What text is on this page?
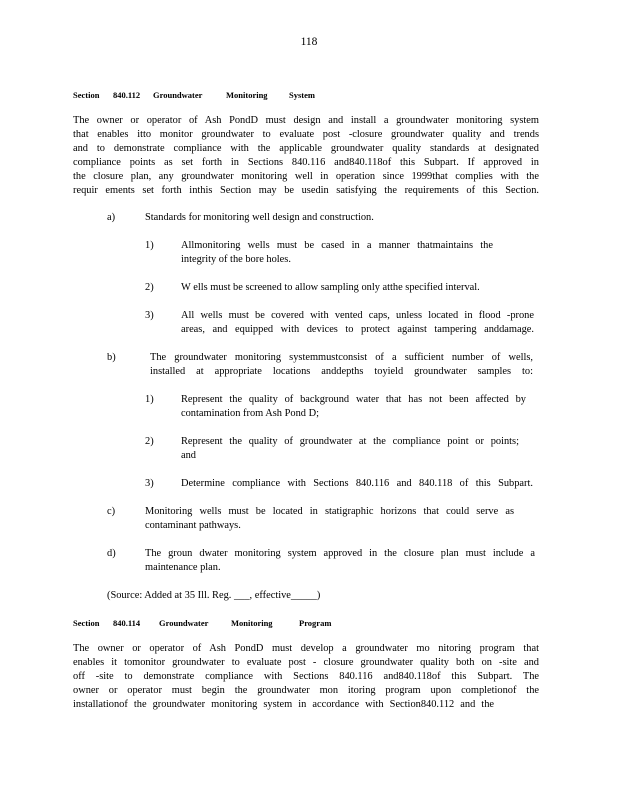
118
Section 840.112 Groundwater	Monitoring	System
The owner or operator of Ash PondD must design and install a groundwater monitoring system
that enables itto monitor groundwater to evaluate post -closure groundwater quality and trends
and to demonstrate compliance with the applicable groundwater quality standards at designated
compliance points as set forth in Sections 840.116 and840.118of this Subpart. If approved in
the closure plan, any groundwater monitoring well in operation since 1999that complies with the
requir ements set forth inthis Section may be usedin satisfying the requirements of this Section.
a)	Standards for monitoring well design and construction.
1)	Allmonitoring wells must be cased in a manner thatmaintains the
integrity of the bore holes.
2)	W ells must be screened to allow sampling only atthe specified interval.
3)	All wells must be covered with vented caps, unless located in flood -prone
areas, and equipped with devices to protect against tampering anddamage.
b)	The groundwater monitoring systemmustconsist of a sufficient number of wells,
installed at appropriate locations anddepths toyield groundwater samples to:
1)	Represent the quality of background water that has not been affected by
contamination from Ash Pond D;
2)	Represent the quality of groundwater at the compliance point or points;
and
3)	Determine compliance with Sections 840.116 and 840.118 of this Subpart.
c)	Monitoring wells must be located in statigraphic horizons that could serve as
contaminant pathways.
d)	The groun dwater monitoring system approved in the closure plan must include a
maintenance plan.
(Source: Added at 35 Ill. Reg. ___, effective_____)
Section 840.114 Groundwater	Monitoring	Program
The owner or operator of Ash PondD must develop a groundwater mo nitoring program that
enables it tomonitor groundwater to evaluate post - closure groundwater quality both on -site and
off -site to demonstrate compliance with Sections 840.116 and840.118of this Subpart. The
owner or operator must begin the groundwater mon itoring program upon completionof the
installationof the groundwater monitoring system in accordance with Section840.112 and the
